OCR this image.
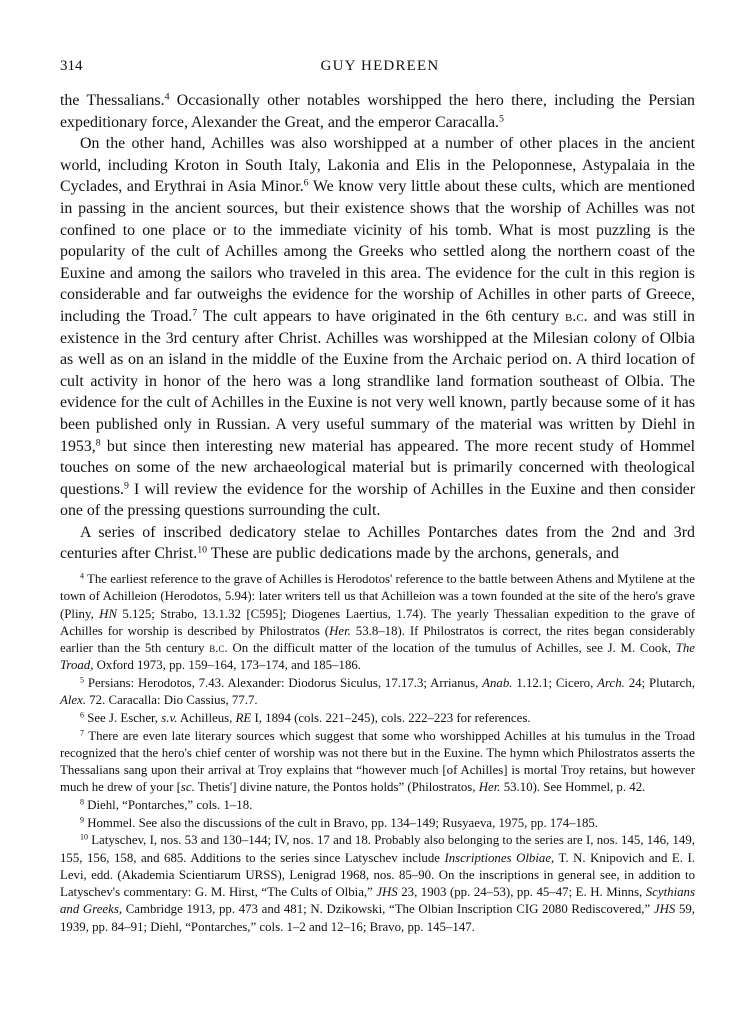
314	GUY HEDREEN

the Thessalians.$^4$ Occasionally other notables worshipped the hero there, including the Persian expeditionary force, Alexander the Great, and the emperor Caracalla.$^5$

On the other hand, Achilles was also worshipped at a number of other places in the ancient world, including Kroton in South Italy, Lakonia and Elis in the Peloponnese, Astypalaia in the Cyclades, and Erythrai in Asia Minor.$^6$ We know very little about these cults, which are mentioned in passing in the ancient sources, but their existence shows that the worship of Achilles was not confined to one place or to the immediate vicinity of his tomb. What is most puzzling is the popularity of the cult of Achilles among the Greeks who settled along the northern coast of the Euxine and among the sailors who traveled in this area. The evidence for the cult in this region is considerable and far outweighs the evidence for the worship of Achilles in other parts of Greece, including the Troad.$^7$ The cult appears to have originated in the 6th century b.c. and was still in existence in the 3rd century after Christ. Achilles was worshipped at the Milesian colony of Olbia as well as on an island in the middle of the Euxine from the Archaic period on. A third location of cult activity in honor of the hero was a long strandlike land formation southeast of Olbia. The evidence for the cult of Achilles in the Euxine is not very well known, partly because some of it has been published only in Russian. A very useful summary of the material was written by Diehl in 1953,$^8$ but since then interesting new material has appeared. The more recent study of Hommel touches on some of the new archaeological material but is primarily concerned with theological questions.$^9$ I will review the evidence for the worship of Achilles in the Euxine and then consider one of the pressing questions surrounding the cult.

A series of inscribed dedicatory stelae to Achilles Pontarches dates from the 2nd and 3rd centuries after Christ.$^{10}$ These are public dedications made by the archons, generals, and

$^4$ The earliest reference to the grave of Achilles is Herodotos' reference to the battle between Athens and Mytilene at the town of Achilleion (Herodotos, 5.94): later writers tell us that Achilleion was a town founded at the site of the hero's grave (Pliny, HN 5.125; Strabo, 13.1.32 [C595]; Diogenes Laertius, 1.74). The yearly Thessalian expedition to the grave of Achilles for worship is described by Philostratos (Her. 53.8–18). If Philostratos is correct, the rites began considerably earlier than the 5th century b.c. On the difficult matter of the location of the tumulus of Achilles, see J. M. Cook, The Troad, Oxford 1973, pp. 159–164, 173–174, and 185–186.

$^5$ Persians: Herodotos, 7.43. Alexander: Diodorus Siculus, 17.17.3; Arrianus, Anab. 1.12.1; Cicero, Arch. 24; Plutarch, Alex. 72. Caracalla: Dio Cassius, 77.7.

$^6$ See J. Escher, s.v. Achilleus, RE I, 1894 (cols. 221–245), cols. 222–223 for references.

$^7$ There are even late literary sources which suggest that some who worshipped Achilles at his tumulus in the Troad recognized that the hero's chief center of worship was not there but in the Euxine. The hymn which Philostratos asserts the Thessalians sang upon their arrival at Troy explains that “however much [of Achilles] is mortal Troy retains, but however much he drew of your [sc. Thetis'] divine nature, the Pontos holds” (Philostratos, Her. 53.10). See Hommel, p. 42.

$^8$ Diehl, “Pontarches,” cols. 1–18.

$^9$ Hommel. See also the discussions of the cult in Bravo, pp. 134–149; Rusyaeva, 1975, pp. 174–185.

$^{10}$ Latyschev, I, nos. 53 and 130–144; IV, nos. 17 and 18. Probably also belonging to the series are I, nos. 145, 146, 149, 155, 156, 158, and 685. Additions to the series since Latyschev include Inscriptiones Olbiae, T. N. Knipovich and E. I. Levi, edd. (Akademia Scientiarum URSS), Lenigrad 1968, nos. 85–90. On the inscriptions in general see, in addition to Latyschev's commentary: G. M. Hirst, “The Cults of Olbia,” JHS 23, 1903 (pp. 24–53), pp. 45–47; E. H. Minns, Scythians and Greeks, Cambridge 1913, pp. 473 and 481; N. Dzikowski, “The Olbian Inscription CIG 2080 Rediscovered,” JHS 59, 1939, pp. 84–91; Diehl, “Pontarches,” cols. 1–2 and 12–16; Bravo, pp. 145–147.
